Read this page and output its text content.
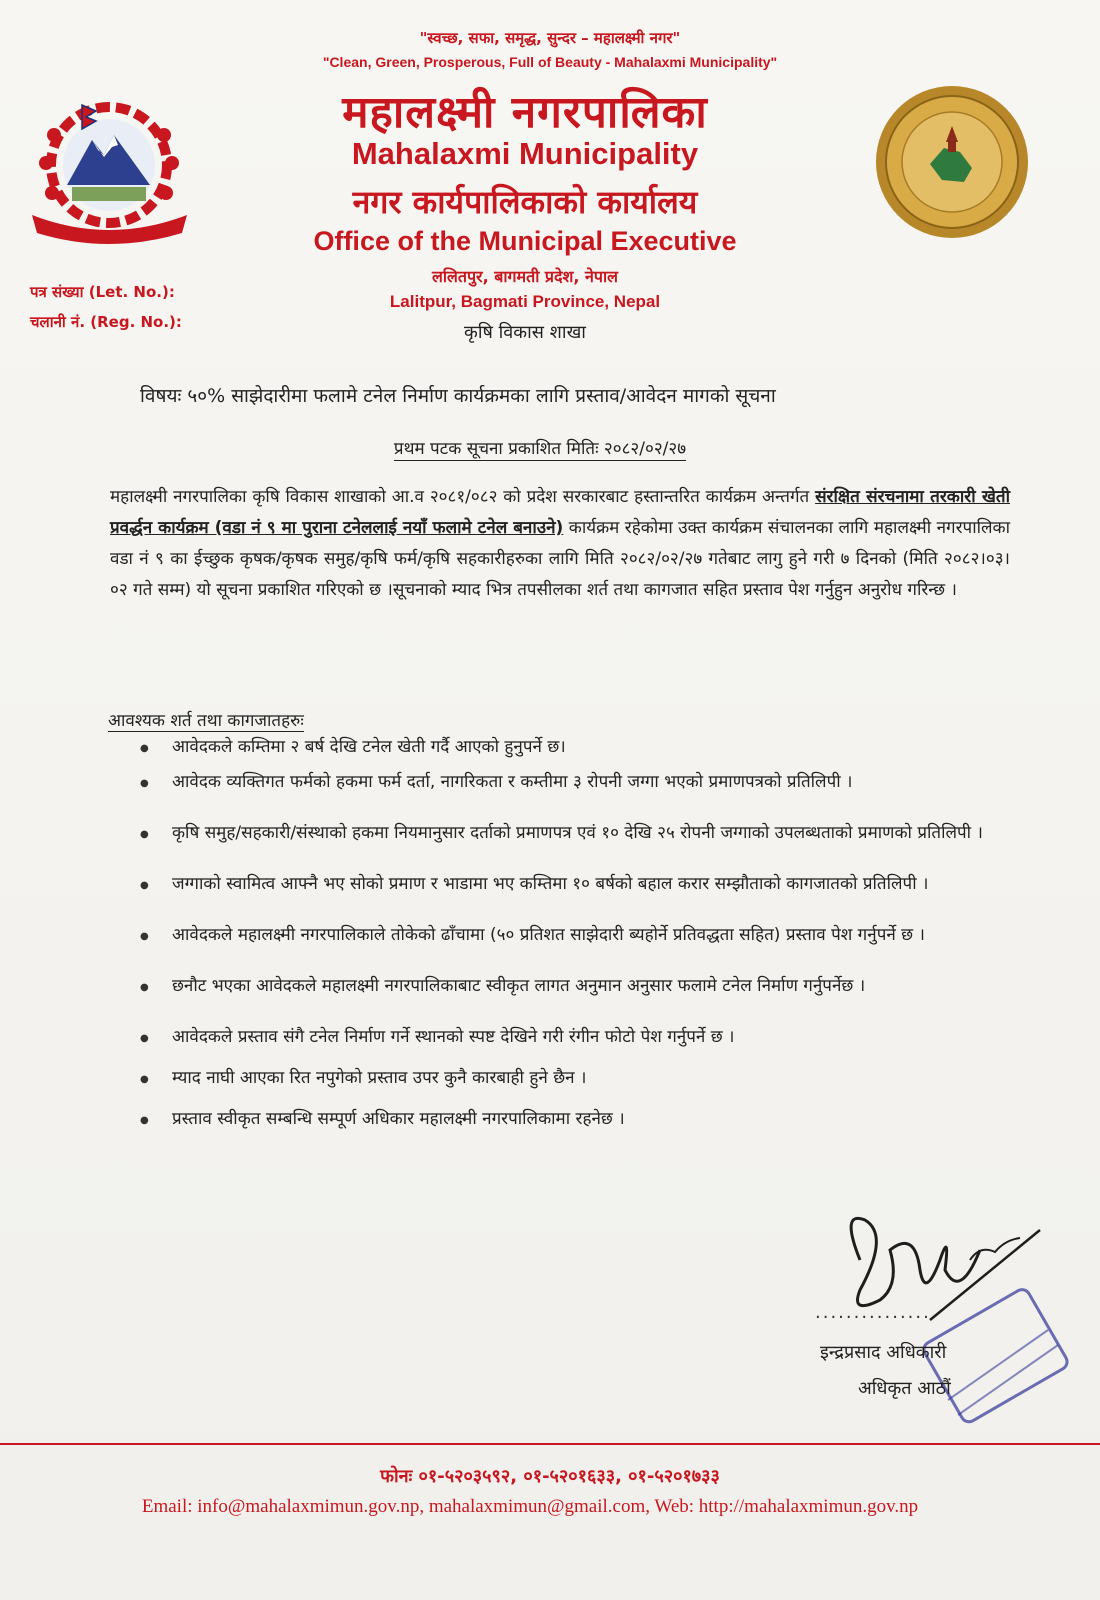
"स्वच्छ, सफा, समृद्ध, सुन्दर – महालक्ष्मी नगर"
"Clean, Green, Prosperous, Full of Beauty - Mahalaxmi Municipality"
महालक्ष्मी नगरपालिका
Mahalaxmi Municipality
नगर कार्यपालिकाको कार्यालय
Office of the Municipal Executive
ललितपुर, बागमती प्रदेश, नेपाल
Lalitpur, Bagmati Province, Nepal
कृषि विकास शाखा
पत्र संख्या (Let. No.):
चलानी नं. (Reg. No.):
विषयः ५०% साझेदारीमा फलामे टनेल निर्माण कार्यक्रमका लागि प्रस्ताव/आवेदन मागको सूचना
प्रथम पटक सूचना प्रकाशित मितिः २०८२/०२/२७
महालक्ष्मी नगरपालिका कृषि विकास शाखाको आ.व २०८१/०८२ को प्रदेश सरकारबाट हस्तान्तरित कार्यक्रम अन्तर्गत संरक्षित संरचनामा तरकारी खेती प्रवर्द्धन कार्यक्रम (वडा नं ९ मा पुराना टनेललाई नयाँ फलामे टनेल बनाउने) कार्यक्रम रहेकोमा उक्त कार्यक्रम संचालनका लागि महालक्ष्मी नगरपालिका वडा नं ९ का ईच्छुक कृषक/कृषक समुह/कृषि फर्म/कृषि सहकारीहरुका लागि मिति २०८२/०२/२७ गतेबाट लागु हुने गरी ७ दिनको (मिति २०८२।०३।०२ गते सम्म) यो सूचना प्रकाशित गरिएको छ ।सूचनाको म्याद भित्र तपसीलका शर्त तथा कागजात सहित प्रस्ताव पेश गर्नुहुन अनुरोध गरिन्छ ।
आवश्यक शर्त तथा कागजातहरुः
● आवेदकले कम्तिमा २ बर्ष देखि टनेल खेती गर्दै आएको हुनुपर्ने छ।
● आवेदक व्यक्तिगत फर्मको हकमा फर्म दर्ता, नागरिकता र कम्तीमा ३ रोपनी जग्गा भएको प्रमाणपत्रको प्रतिलिपी ।
● कृषि समुह/सहकारी/संस्थाको हकमा नियमानुसार दर्ताको प्रमाणपत्र एवं १० देखि २५ रोपनी जग्गाको उपलब्धताको प्रमाणको प्रतिलिपी ।
● जग्गाको स्वामित्व आफ्नै भए सोको प्रमाण र भाडामा भए कम्तिमा १० बर्षको बहाल करार सम्झौताको कागजातको प्रतिलिपी ।
● आवेदकले महालक्ष्मी नगरपालिकाले तोकेको ढाँचामा (५० प्रतिशत साझेदारी ब्यहोर्ने प्रतिवद्धता सहित) प्रस्ताव पेश गर्नुपर्ने छ ।
● छनौट भएका आवेदकले महालक्ष्मी नगरपालिकाबाट स्वीकृत लागत अनुमान अनुसार फलामे टनेल निर्माण गर्नुपर्नेछ ।
● आवेदकले प्रस्ताव संगै टनेल निर्माण गर्ने स्थानको स्पष्ट देखिने गरी रंगीन फोटो पेश गर्नुपर्ने छ ।
● म्याद नाघी आएका रित नपुगेको प्रस्ताव उपर कुनै कारबाही हुने छैन ।
● प्रस्ताव स्वीकृत सम्बन्धि सम्पूर्ण अधिकार महालक्ष्मी नगरपालिकामा रहनेछ ।
...............
इन्द्रप्रसाद अधिकारी
अधिकृत आठौं
फोनः ०१-५२०३५९२, ०१-५२०१६३३, ०१-५२०१७३३
Email: info@mahalaxmimun.gov.np, mahalaxmimun@gmail.com, Web: http://mahalaxmimun.gov.np
